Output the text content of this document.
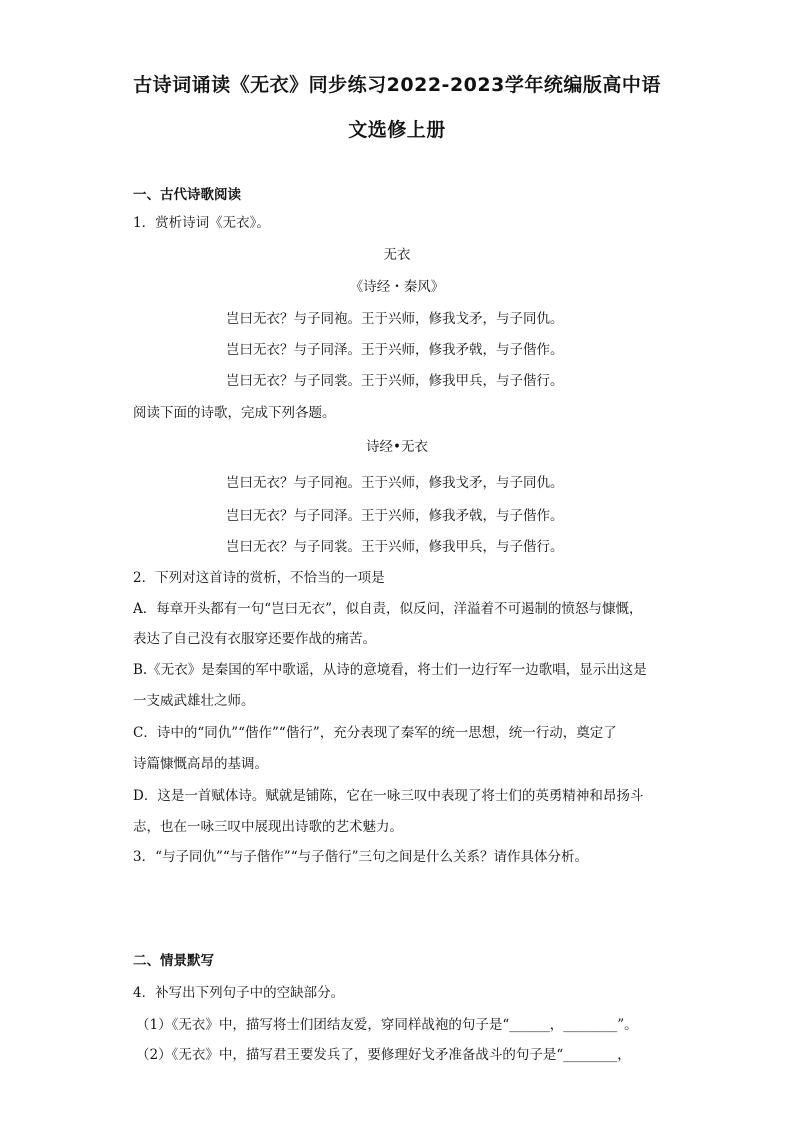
古诗词诵读《无衣》同步练习2022-2023学年统编版高中语
文选修上册
一、古代诗歌阅读
1．赏析诗词《无衣》。
无衣
《诗经・秦风》
岂曰无衣？与子同袍。王于兴师，修我戈矛，与子同仇。
岂曰无衣？与子同泽。王于兴师，修我矛戟，与子偕作。
岂曰无衣？与子同裳。王于兴师，修我甲兵，与子偕行。
阅读下面的诗歌，完成下列各题。
诗经•无衣
岂曰无衣？与子同袍。王于兴师，修我戈矛，与子同仇。
岂曰无衣？与子同泽。王于兴师，修我矛戟，与子偕作。
岂曰无衣？与子同裳。王于兴师，修我甲兵，与子偕行。
2．下列对这首诗的赏析，不恰当的一项是
A．每章开头都有一句“岂曰无衣”，似自责，似反问，洋溢着不可遏制的愤怒与慷慨，
表达了自己没有衣服穿还要作战的痛苦。
B.《无衣》是秦国的军中歌谣，从诗的意境看，将士们一边行军一边歌唱，显示出这是
一支威武雄壮之师。
C．诗中的“同仇”“偕作”“偕行”，充分表现了秦军的统一思想，统一行动，奠定了
诗篇慷慨高昂的基调。
D．这是一首赋体诗。赋就是铺陈，它在一咏三叹中表现了将士们的英勇精神和昂扬斗
志，也在一咏三叹中展现出诗歌的艺术魅力。
3．“与子同仇”“与子偕作”“与子偕行”三句之间是什么关系？请作具体分析。
二、情景默写
4．补写出下列句子中的空缺部分。
（1）《无衣》中，描写将士们团结友爱，穿同样战袍的句子是“______，________”。
（2）《无衣》中，描写君王要发兵了，要修理好戈矛准备战斗的句子是“________，
